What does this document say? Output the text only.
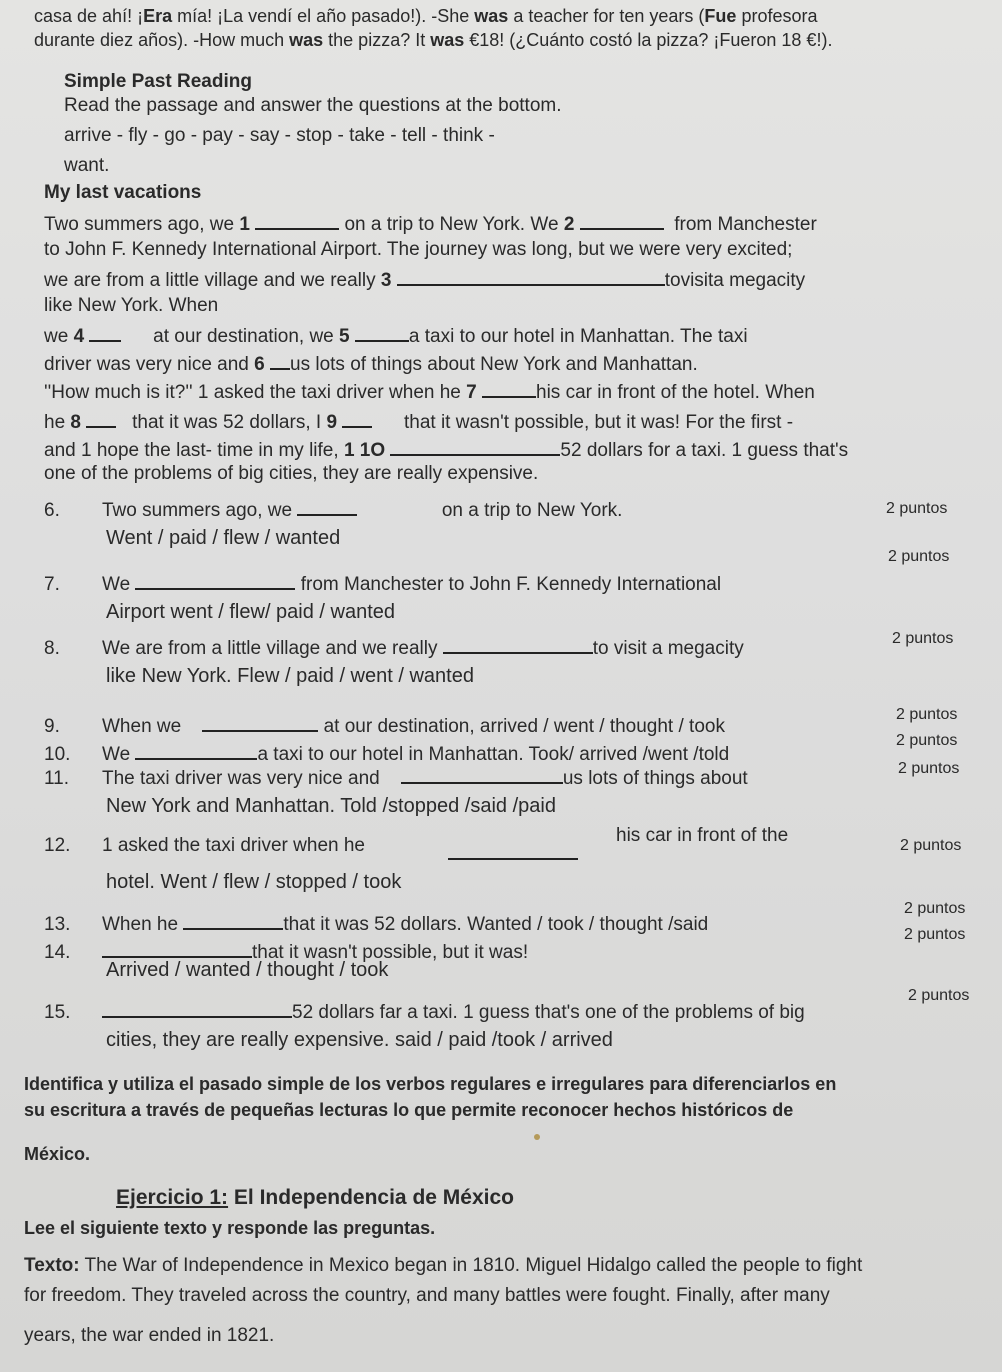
casa de ahí! ¡Era mía! ¡La vendí el año pasado!). -She was a teacher for ten years (Fue profesora
durante diez años). -How much was the pizza? It was €18! (¿Cuánto costó la pizza? ¡Fueron 18 €!).
Simple Past Reading
Read the passage and answer the questions at the bottom.
arrive - fly - go - pay - say - stop - take - tell - think -
want.
My last vacations
Two summers ago, we 1	on a trip to New York. We 2	from Manchester
to John F. Kennedy International Airport. The journey was long, but we were very excited;
we are from a little village and we really 3	tovisita megacity
like New York. When
we 4	at our destination, we 5	a taxi to our hotel in Manhattan. The taxi
driver was very nice and 6 us lots of things about New York and Manhattan.
''How much is it?'' 1 asked the taxi driver when he 7	his car in front of the hotel. When
he 8    that it was 52 dollars, I 9	that it wasn't possible, but it was! For the first -
and 1 hope the last- time in my life, 1 1O	52 dollars for a taxi. 1 guess that's
one of the problems of big cities, they are really expensive.
6. Two summers ago, we	on a trip to New York.	2 puntos
Went / paid / flew / wanted
2 puntos
7. We	from Manchester to John F. Kennedy International
Airport went / flew/ paid / wanted
8. We are from a little village and we really	to visit a megacity	2 puntos
like New York. Flew / paid / went / wanted
9. When we	at our destination, arrived / went / thought / took
2 puntos
10. We	a taxi to our hotel in Manhattan. Took/ arrived /went /told
2 puntos
11. The taxi driver was very nice and	us lots of things about	2 puntos
New York and Manhattan. Told /stopped /said /paid
12. 1 asked the taxi driver when he	his car in front of the	2 puntos
hotel. Went / flew / stopped / took
13. When he	that it was 52 dollars. Wanted / took / thought /said
2 puntos
14.	that it wasn't possible, but it was!
2 puntos
Arrived / wanted / thought / took
15.	52 dollars far a taxi. 1 guess that's one of the problems of big
2 puntos
cities, they are really expensive. said / paid /took / arrived
Identifica y utiliza el pasado simple de los verbos regulares e irregulares para diferenciarlos en
su escritura a través de pequeñas lecturas lo que permite reconocer hechos históricos de
México.
Ejercicio 1: El Independencia de México
Lee el siguiente texto y responde las preguntas.
Texto: The War of Independence in Mexico began in 1810. Miguel Hidalgo called the people to fight
for freedom. They traveled across the country, and many battles were fought. Finally, after many
years, the war ended in 1821.
